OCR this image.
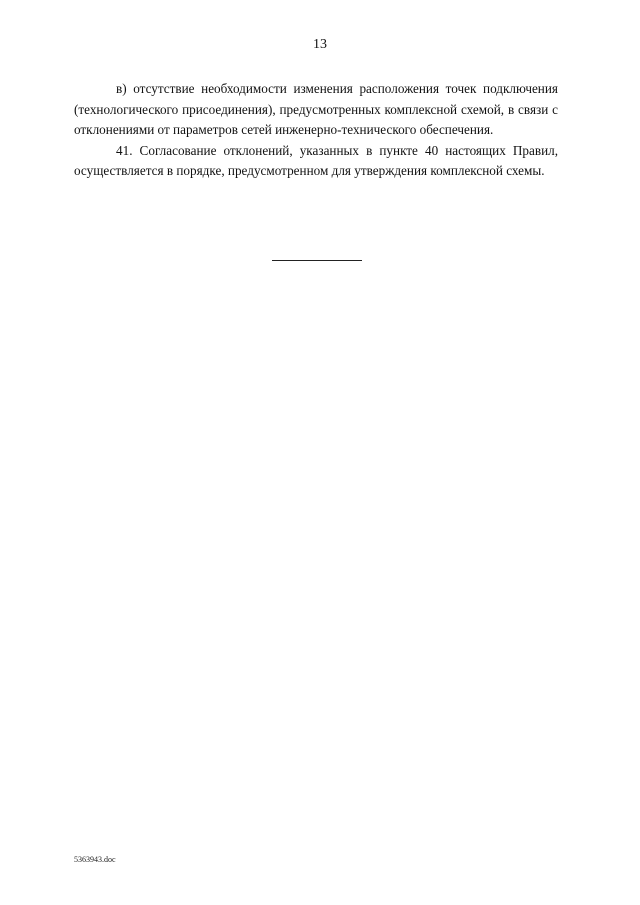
13

в) отсутствие необходимости изменения расположения точек подключения (технологического присоединения), предусмотренных комплексной схемой, в связи с отклонениями от параметров сетей инженерно-технического обеспечения.

41. Согласование отклонений, указанных в пункте 40 настоящих Правил, осуществляется в порядке, предусмотренном для утверждения комплексной схемы.

5363943.doc
